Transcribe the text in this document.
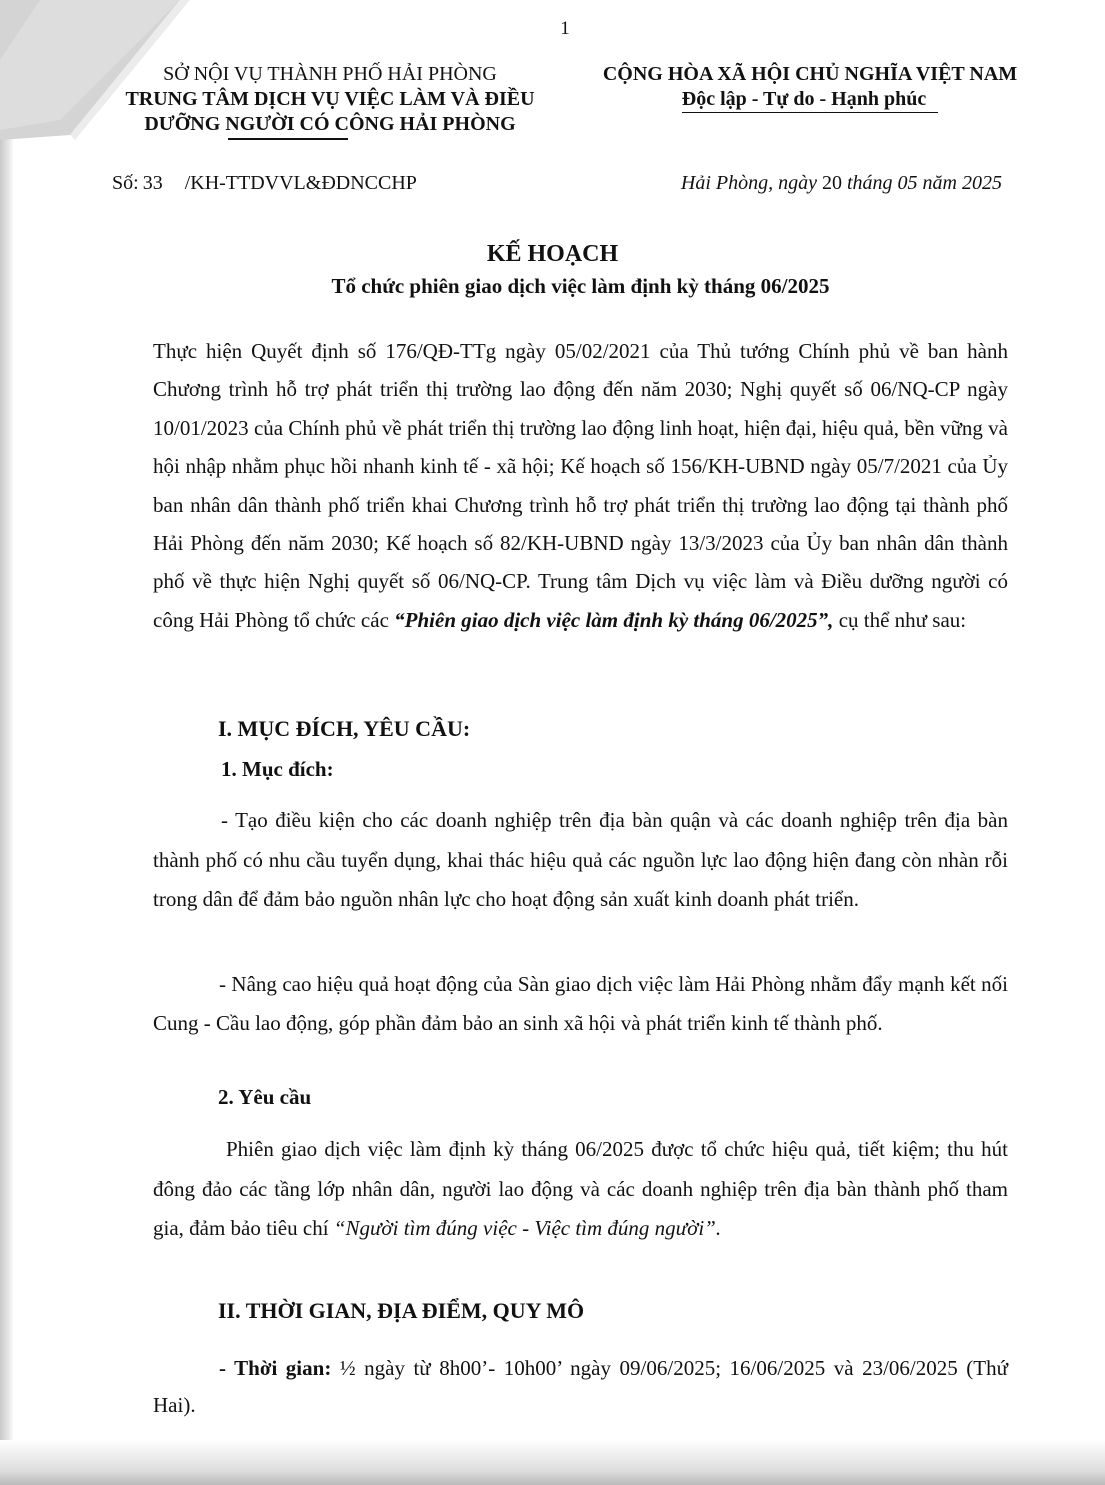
1
SỞ NỘI VỤ THÀNH PHỐ HẢI PHÒNG
TRUNG TÂM DỊCH VỤ VIỆC LÀM VÀ ĐIỀU
DƯỠNG NGƯỜI CÓ CÔNG HẢI PHÒNG
CỘNG HÒA XÃ HỘI CHỦ NGHĨA VIỆT NAM
Độc lập - Tự do - Hạnh phúc
Số: 33 /KH-TTDVVL&ĐDNCCHP	Hải Phòng, ngày 20 tháng 05 năm 2025
KẾ HOẠCH
Tổ chức phiên giao dịch việc làm định kỳ tháng 06/2025
Thực hiện Quyết định số 176/QĐ-TTg ngày 05/02/2021 của Thủ tướng Chính phủ về ban hành Chương trình hỗ trợ phát triển thị trường lao động đến năm 2030; Nghị quyết số 06/NQ-CP ngày 10/01/2023 của Chính phủ về phát triển thị trường lao động linh hoạt, hiện đại, hiệu quả, bền vững và hội nhập nhằm phục hồi nhanh kinh tế - xã hội; Kế hoạch số 156/KH-UBND ngày 05/7/2021 của Ủy ban nhân dân thành phố triển khai Chương trình hỗ trợ phát triển thị trường lao động tại thành phố Hải Phòng đến năm 2030; Kế hoạch số 82/KH-UBND ngày 13/3/2023 của Ủy ban nhân dân thành phố về thực hiện Nghị quyết số 06/NQ-CP. Trung tâm Dịch vụ việc làm và Điều dưỡng người có công Hải Phòng tổ chức các “Phiên giao dịch việc làm định kỳ tháng 06/2025”, cụ thể như sau:
I. MỤC ĐÍCH, YÊU CẦU:
1. Mục đích:
- Tạo điều kiện cho các doanh nghiệp trên địa bàn quận và các doanh nghiệp trên địa bàn thành phố có nhu cầu tuyển dụng, khai thác hiệu quả các nguồn lực lao động hiện đang còn nhàn rỗi trong dân để đảm bảo nguồn nhân lực cho hoạt động sản xuất kinh doanh phát triển.
- Nâng cao hiệu quả hoạt động của Sàn giao dịch việc làm Hải Phòng nhằm đẩy mạnh kết nối Cung - Cầu lao động, góp phần đảm bảo an sinh xã hội và phát triển kinh tế thành phố.
2. Yêu cầu
Phiên giao dịch việc làm định kỳ tháng 06/2025 được tổ chức hiệu quả, tiết kiệm; thu hút đông đảo các tầng lớp nhân dân, người lao động và các doanh nghiệp trên địa bàn thành phố tham gia, đảm bảo tiêu chí “Người tìm đúng việc - Việc tìm đúng người”.
II. THỜI GIAN, ĐỊA ĐIỂM, QUY MÔ
- Thời gian: ½ ngày từ 8h00’- 10h00’ ngày 09/06/2025; 16/06/2025 và 23/06/2025 (Thứ Hai).
